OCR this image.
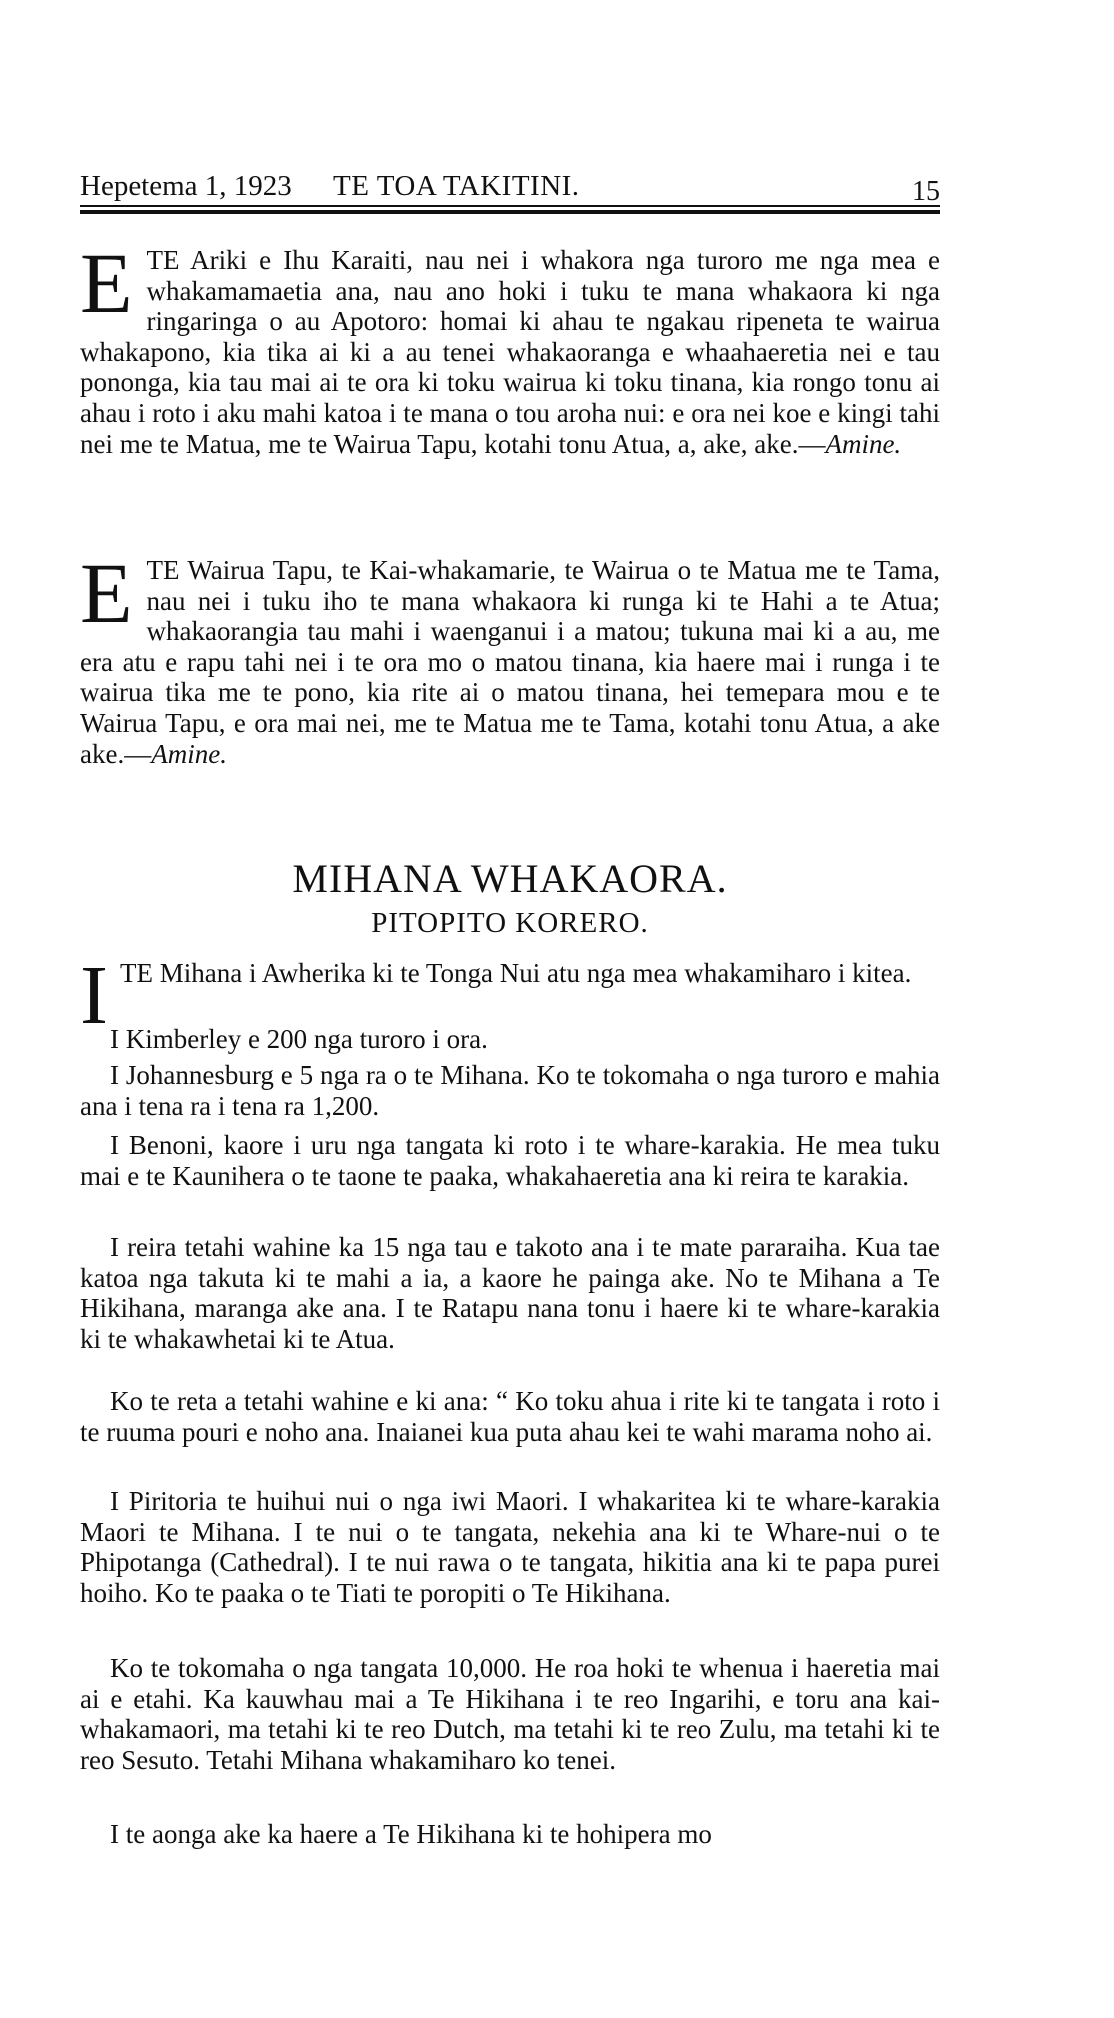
Hepetema 1, 1923 TE TOA TAKITINI.	15

ETE Ariki e Ihu Karaiti, nau nei i whakora nga turoro me nga mea e whakamamaetia ana, nau ano hoki i tuku te mana whakaora ki nga ringaringa o au Apotoro: homai ki ahau te ngakau ripeneta te wairua whakapono, kia tika ai ki a au tenei whakaoranga e whaahaeretia nei e tau pononga, kia tau mai ai te ora ki toku wairua ki toku tinana, kia rongo tonu ai ahau i roto i aku mahi katoa i te mana o tou aroha nui: e ora nei koe e kingi tahi nei me te Matua, me te Wairua Tapu, kotahi tonu Atua, a, ake, ake.—Amine.

ETE Wairua Tapu, te Kai-whakamarie, te Wairua o te Matua me te Tama, nau nei i tuku iho te mana whakaora ki runga ki te Hahi a te Atua; whakaorangia tau mahi i waenganui i a matou; tukuna mai ki a au, me era atu e rapu tahi nei i te ora mo o matou tinana, kia haere mai i runga i te wairua tika me te pono, kia rite ai o matou tinana, hei temepara mou e te Wairua Tapu, e ora mai nei, me te Matua me te Tama, kotahi tonu Atua, a ake ake.—Amine.

MIHANA WHAKAORA.
PITOPITO KORERO.

ITE Mihana i Awherika ki te Tonga Nui atu nga mea whakamiharo i kitea.

I Kimberley e 200 nga turoro i ora.

I Johannesburg e 5 nga ra o te Mihana. Ko te tokomaha o nga turoro e mahia ana i tena ra i tena ra 1,200.

I Benoni, kaore i uru nga tangata ki roto i te whare-karakia. He mea tuku mai e te Kaunihera o te taone te paaka, whakahaeretia ana ki reira te karakia.

I reira tetahi wahine ka 15 nga tau e takoto ana i te mate pararaiha. Kua tae katoa nga takuta ki te mahi a ia, a kaore he painga ake. No te Mihana a Te Hikihana, maranga ake ana. I te Ratapu nana tonu i haere ki te whare-karakia ki te whakawhetai ki te Atua.

Ko te reta a tetahi wahine e ki ana: “ Ko toku ahua i rite ki te tangata i roto i te ruuma pouri e noho ana. Inaianei kua puta ahau kei te wahi marama noho ai.

I Piritoria te huihui nui o nga iwi Maori. I whakaritea ki te whare-karakia Maori te Mihana. I te nui o te tangata, nekehia ana ki te Whare-nui o te Phipotanga (Cathedral). I te nui rawa o te tangata, hikitia ana ki te papa purei hoiho. Ko te paaka o te Tiati te poropiti o Te Hikihana.

Ko te tokomaha o nga tangata 10,000. He roa hoki te whenua i haeretia mai ai e etahi. Ka kauwhau mai a Te Hikihana i te reo Ingarihi, e toru ana kai-whakamaori, ma tetahi ki te reo Dutch, ma tetahi ki te reo Zulu, ma tetahi ki te reo Sesuto. Tetahi Mihana whakamiharo ko tenei.

I te aonga ake ka haere a Te Hikihana ki te hohipera mo
